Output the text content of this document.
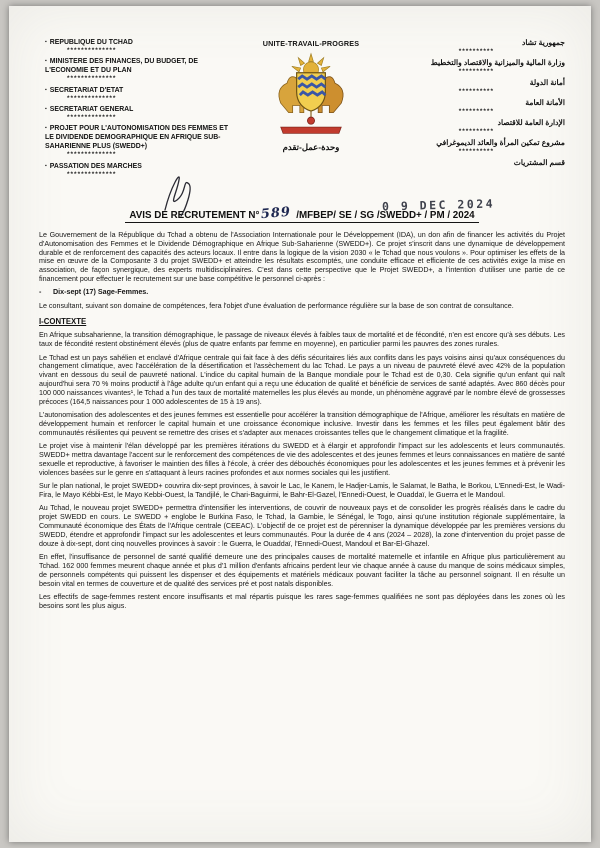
▪ REPUBLIQUE DU TCHAD
**************
▪ MINISTERE DES FINANCES, DU BUDGET, DE L'ECONOMIE ET DU PLAN
**************
▪ SECRETARIAT D'ETAT
**************
▪ SECRETARIAT GENERAL
**************
▪ PROJET POUR L'AUTONOMISATION DES FEMMES ET LE DIVIDENDE DEMOGRAPHIQUE EN AFRIQUE SUB-SAHARIENNE PLUS (SWEDD+)
**************
▪ PASSATION DES MARCHES
**************
UNITE-TRAVAIL-PROGRES
وحدة-عمل-تقدم
جمهورية تشاد
**********
وزارة المالية والميزانية والاقتصاد والتخطيط
**********
أمانة الدولة
**********
الأمانة العامة
**********
الإدارة العامة للاقتصاد
**********
مشروع تمكين المرأة والعائد الديموغرافي
**********
قسم المشتريات
0 9 DEC 2024
AVIS DE RECRUTEMENT N°589 /MFBEP/ SE / SG /SWEDD+ / PM / 2024

Le Gouvernement de la République du Tchad a obtenu de l'Association Internationale pour le Développement (IDA), un don afin de financer les activités du Projet d'Autonomisation des Femmes et le Dividende Démographique en Afrique Sub-Saharienne (SWEDD+). Ce projet s'inscrit dans une dynamique de développement durable et de renforcement des capacités des acteurs locaux. Il entre dans la logique de la vision 2030 « le Tchad que nous voulons ». Pour optimiser les effets de la mise en œuvre de la Composante 3 du projet SWEDD+ et atteindre les résultats escomptés, une conduite efficace et efficiente de ces activités exige la mise en association, de façon synergique, des experts multidisciplinaires. C'est dans cette perspective que le Projet SWEDD+, a l'intention d'utiliser une partie de ce financement pour effectuer le recrutement sur une base compétitive le personnel ci-après :

- Dix-sept (17) Sage-Femmes.

Le consultant, suivant son domaine de compétences, fera l'objet d'une évaluation de performance régulière sur la base de son contrat de consultance.

I-CONTEXTE

En Afrique subsaharienne, la transition démographique, le passage de niveaux élevés à faibles taux de mortalité et de fécondité, n'en est encore qu'à ses débuts. Les taux de fécondité restent obstinément élevés (plus de quatre enfants par femme en moyenne), en particulier parmi les pauvres des zones rurales.

Le Tchad est un pays sahélien et enclavé d'Afrique centrale qui fait face à des défis sécuritaires liés aux conflits dans les pays voisins ainsi qu'aux conséquences du changement climatique, avec l'accélération de la désertification et l'assèchement du lac Tchad. Le pays a un niveau de pauvreté élevé avec 42% de la population vivant en dessous du seuil de pauvreté national. L'indice du capital humain de la Banque mondiale pour le Tchad est de 0,30. Cela signifie qu'un enfant qui naît aujourd'hui sera 70 % moins productif à l'âge adulte qu'un enfant qui a reçu une éducation de qualité et bénéficie de services de santé adaptés. Avec 860 décès pour 100 000 naissances vivantes¹, le Tchad a l'un des taux de mortalité maternelles les plus élevés au monde, un phénomène aggravé par le nombre élevé de grossesses précoces (164,5 naissances pour 1 000 adolescentes de 15 à 19 ans).

L'autonomisation des adolescentes et des jeunes femmes est essentielle pour accélérer la transition démographique de l'Afrique, améliorer les résultats en matière de développement humain et renforcer le capital humain et une croissance économique inclusive. Investir dans les femmes et les filles peut également bâtir des communautés résilientes qui peuvent se remettre des crises et s'adapter aux menaces croissantes telles que le changement climatique et la fragilité.

Le projet vise à maintenir l'élan développé par les premières itérations du SWEDD et à élargir et approfondir l'impact sur les adolescents et leurs communautés. SWEDD+ mettra davantage l'accent sur le renforcement des compétences de vie des adolescentes et des jeunes femmes et leurs connaissances en matière de santé sexuelle et reproductive, à favoriser le maintien des filles à l'école, à créer des débouchés économiques pour les adolescentes et les jeunes femmes et à prévenir les violences basées sur le genre en s'attaquant à leurs racines profondes et aux normes sociales qui les justifient.

Sur le plan national, le projet SWEDD+ couvrira dix-sept provinces, à savoir le Lac, le Kanem, le Hadjer-Lamis, le Salamat, le Batha, le Borkou, L'Ennedi-Est, le Wadi-Fira, le Mayo Kébbi-Est, le Mayo Kebbi-Ouest, la Tandjilé, le Chari-Baguirmi, le Bahr-El-Gazel, l'Ennedi-Ouest, le Ouaddaï, le Guerra et le Mandoul.

Au Tchad, le nouveau projet SWEDD+ permettra d'intensifier les interventions, de couvrir de nouveaux pays et de consolider les progrès réalisés dans le cadre du projet SWEDD en cours. Le SWEDD + englobe le Burkina Faso, le Tchad, la Gambie, le Sénégal, le Togo, ainsi qu'une institution régionale supplémentaire, la Communauté économique des États de l'Afrique centrale (CEEAC). L'objectif de ce projet est de pérenniser la dynamique développée par les premières versions du SWEDD, étendre et approfondir l'impact sur les adolescentes et leurs communautés. Pour la durée de 4 ans (2024 – 2028), la zone d'intervention du projet passe de douze à dix-sept, dont cinq nouvelles provinces à savoir : le Guerra, le Ouaddaï, l'Ennedi-Ouest, Mandoul et Bar-El-Ghazel.

En effet, l'insuffisance de personnel de santé qualifié demeure une des principales causes de mortalité maternelle et infantile en Afrique plus particulièrement au Tchad. 162 000 femmes meurent chaque année et plus d'1 million d'enfants africains perdent leur vie chaque année à cause du manque de soins médicaux simples, de personnels compétents qui puissent les dispenser et des équipements et matériels médicaux pouvant faciliter la tâche au personnel soignant. Il en résulte un besoin vital en termes de couverture et de qualité des services pré et post natals disponibles.

Les effectifs de sage-femmes restent encore insuffisants et mal répartis puisque les rares sage-femmes qualifiées ne sont pas déployées dans les zones où les besoins sont les plus aigus.
